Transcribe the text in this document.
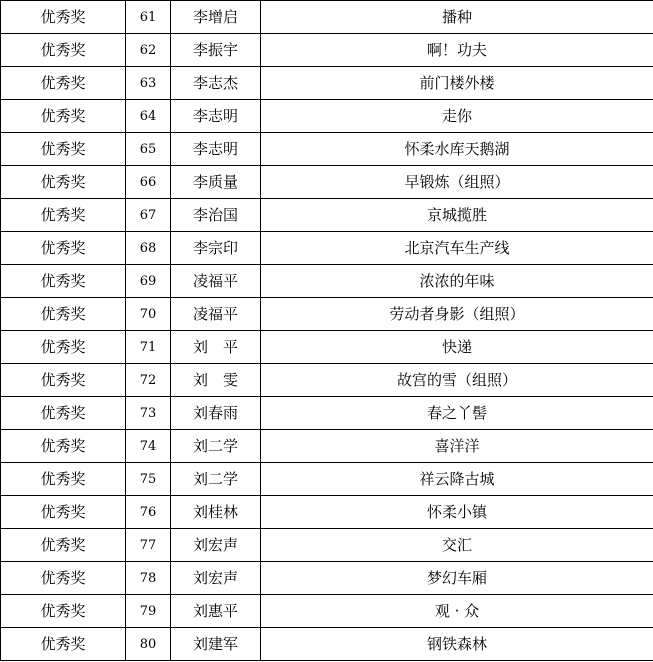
优秀奖	61	李增启	播种
优秀奖	62	李振宇	啊！功夫
优秀奖	63	李志杰	前门楼外楼
优秀奖	64	李志明	走你
优秀奖	65	李志明	怀柔水库天鹅湖
优秀奖	66	李质量	早锻炼（组照）
优秀奖	67	李治国	京城揽胜
优秀奖	68	李宗印	北京汽车生产线
优秀奖	69	凌福平	浓浓的年味
优秀奖	70	凌福平	劳动者身影（组照）
优秀奖	71	刘　平	快递
优秀奖	72	刘　雯	故宫的雪（组照）
优秀奖	73	刘春雨	春之丫髻
优秀奖	74	刘二学	喜洋洋
优秀奖	75	刘二学	祥云降古城
优秀奖	76	刘桂林	怀柔小镇
优秀奖	77	刘宏声	交汇
优秀奖	78	刘宏声	梦幻车厢
优秀奖	79	刘惠平	观 · 众
优秀奖	80	刘建军	钢铁森林
